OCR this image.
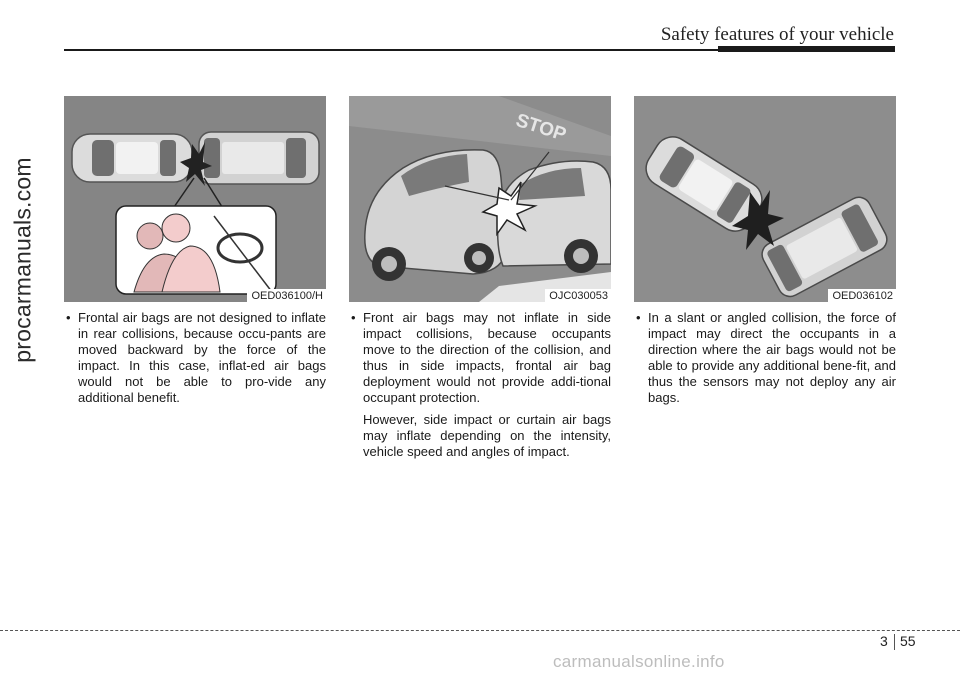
Safety features of your vehicle
procarmanuals.com	OED036100/H
STOP
OJC030053	OED036102

• Frontal air bags are not designed to inflate in rear collisions, because occu-pants are moved backward by the force of the impact. In this case, inflat-ed air bags would not be able to pro-vide any additional benefit.

• Front air bags may not inflate in side impact collisions, because occupants move to the direction of the collision, and thus in side impacts, frontal air bag deployment would not provide addi-tional occupant protection.

However, side impact or curtain air bags may inflate depending on the intensity, vehicle speed and angles of impact.

• In a slant or angled collision, the force of impact may direct the occupants in a direction where the air bags would not be able to provide any additional bene-fit, and thus the sensors may not deploy any air bags.

3 55
carmanualsonline.info
